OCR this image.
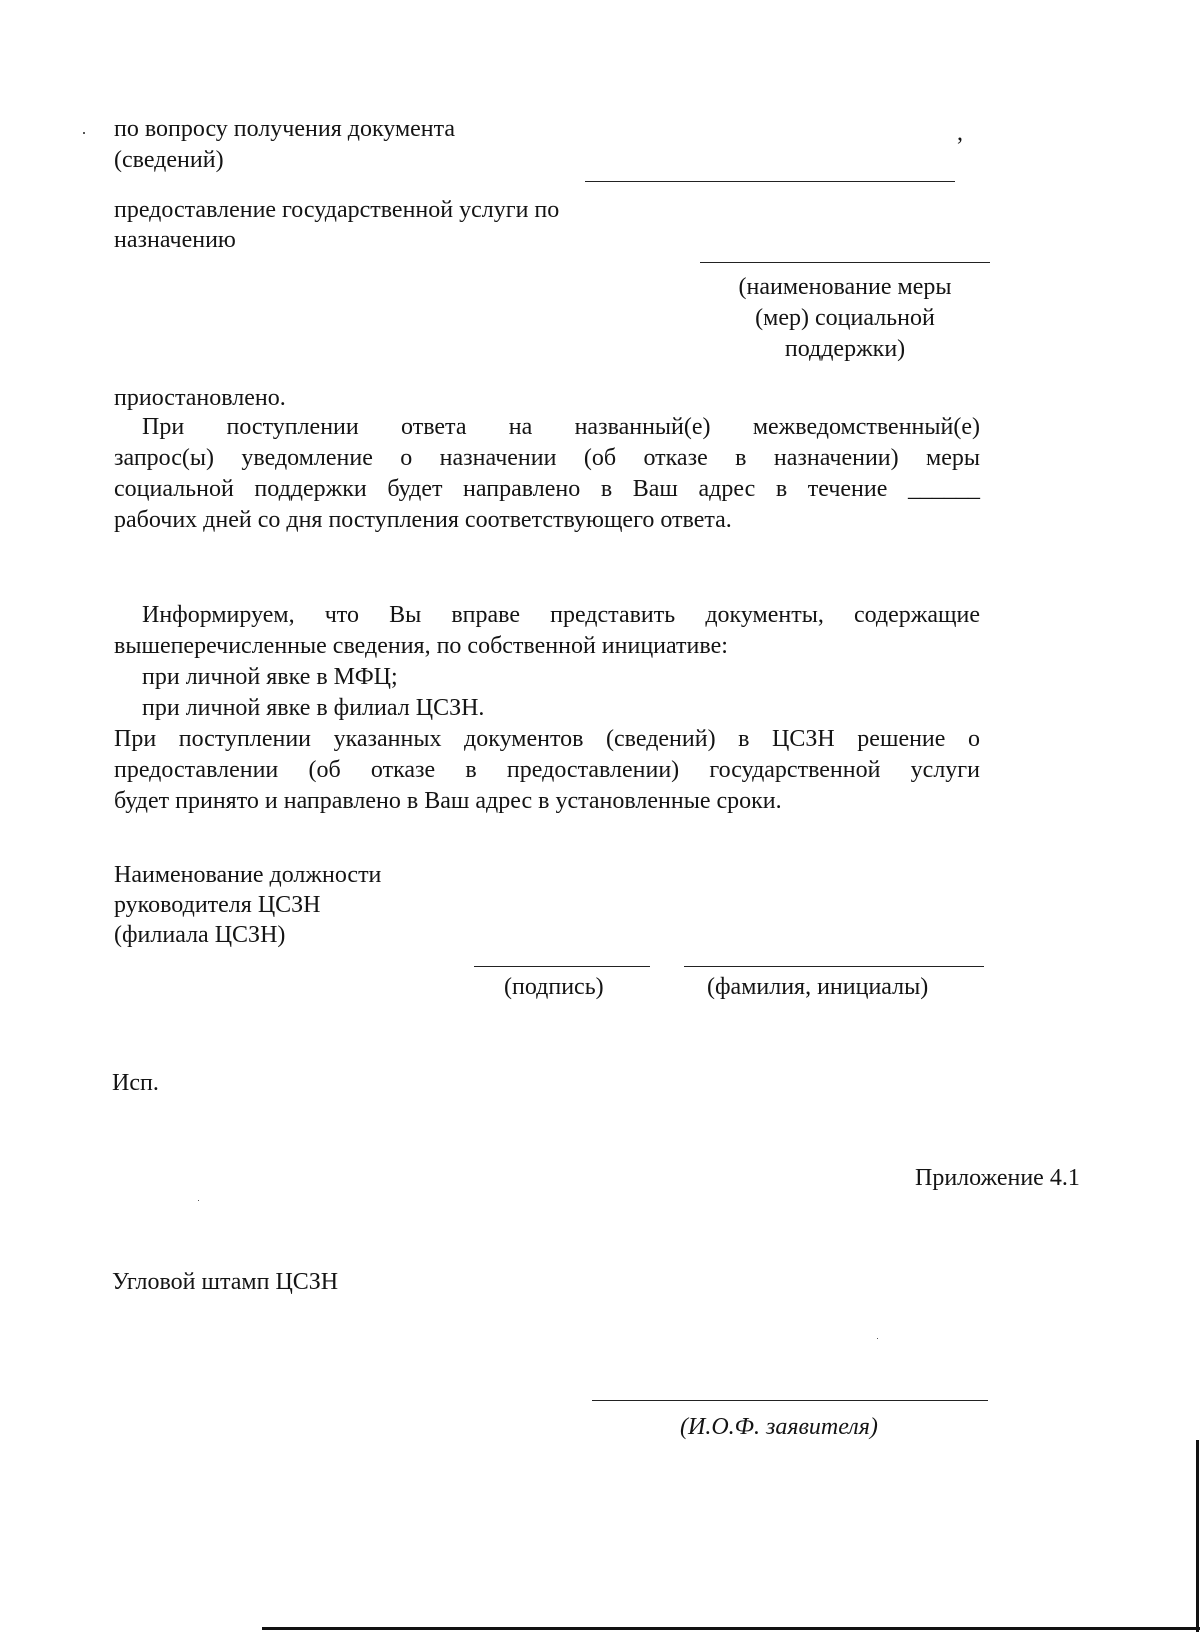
по вопросу получения документа
(сведений)
,
предоставление государственной услуги по
назначению
(наименование меры
(мер) социальной
поддержки)
приостановлено.
При поступлении ответа на названный(е) межведомственный(е)
запрос(ы) уведомление о назначении (об отказе в назначении) меры
социальной поддержки будет направлено в Ваш адрес в течение ______
рабочих дней со дня поступления соответствующего ответа.
Информируем, что Вы вправе представить документы, содержащие
вышеперечисленные сведения, по собственной инициативе:
при личной явке в МФЦ;
при личной явке в филиал ЦСЗН.
При поступлении указанных документов (сведений) в ЦСЗН решение о
предоставлении (об отказе в предоставлении) государственной услуги
будет принято и направлено в Ваш адрес в установленные сроки.
Наименование должности
руководителя ЦСЗН
(филиала ЦСЗН)
(подпись)	(фамилия, инициалы)
Исп.
Приложение 4.1
Угловой штамп ЦСЗН
(И.О.Ф. заявителя)
